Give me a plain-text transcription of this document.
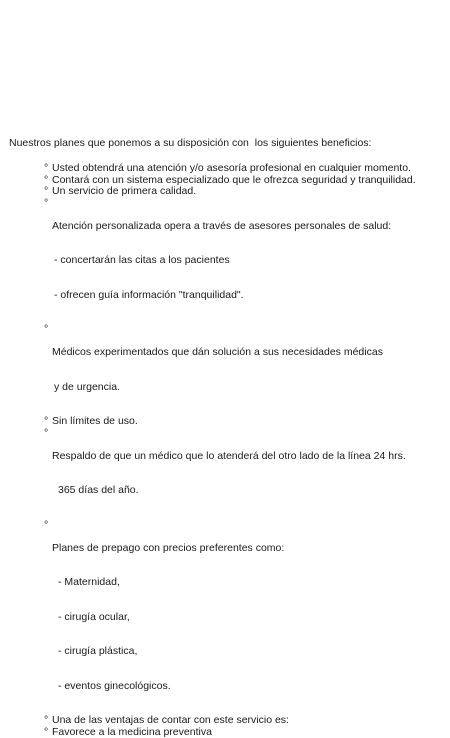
Nuestros planes que ponemos a su disposición con  los siguientes beneficios:
° Usted obtendrá una atención y/o asesoría profesional en cualquier momento.
° Contará con un sistema especializado que le ofrezca seguridad y tranquilidad.
° Un servicio de primera calidad.
°

Atención personalizada opera a través de asesores personales de salud:

- concertarán las citas a los pacientes

- ofrecen guía información "tranquilidad".

°

Médicos experimentados que dán solución a sus necesidades médicas

y de urgencia.

° Sin límites de uso.
°

Respaldo de que un médico que lo atenderá del otro lado de la línea 24 hrs.

365 días del año.

°

Planes de prepago con precios preferentes como:

- Maternidad,

- cirugía ocular,

- cirugía plástica,

- eventos ginecológicos.

° Una de las ventajas de contar con este servicio es:
° Favorece a la medicina preventiva
